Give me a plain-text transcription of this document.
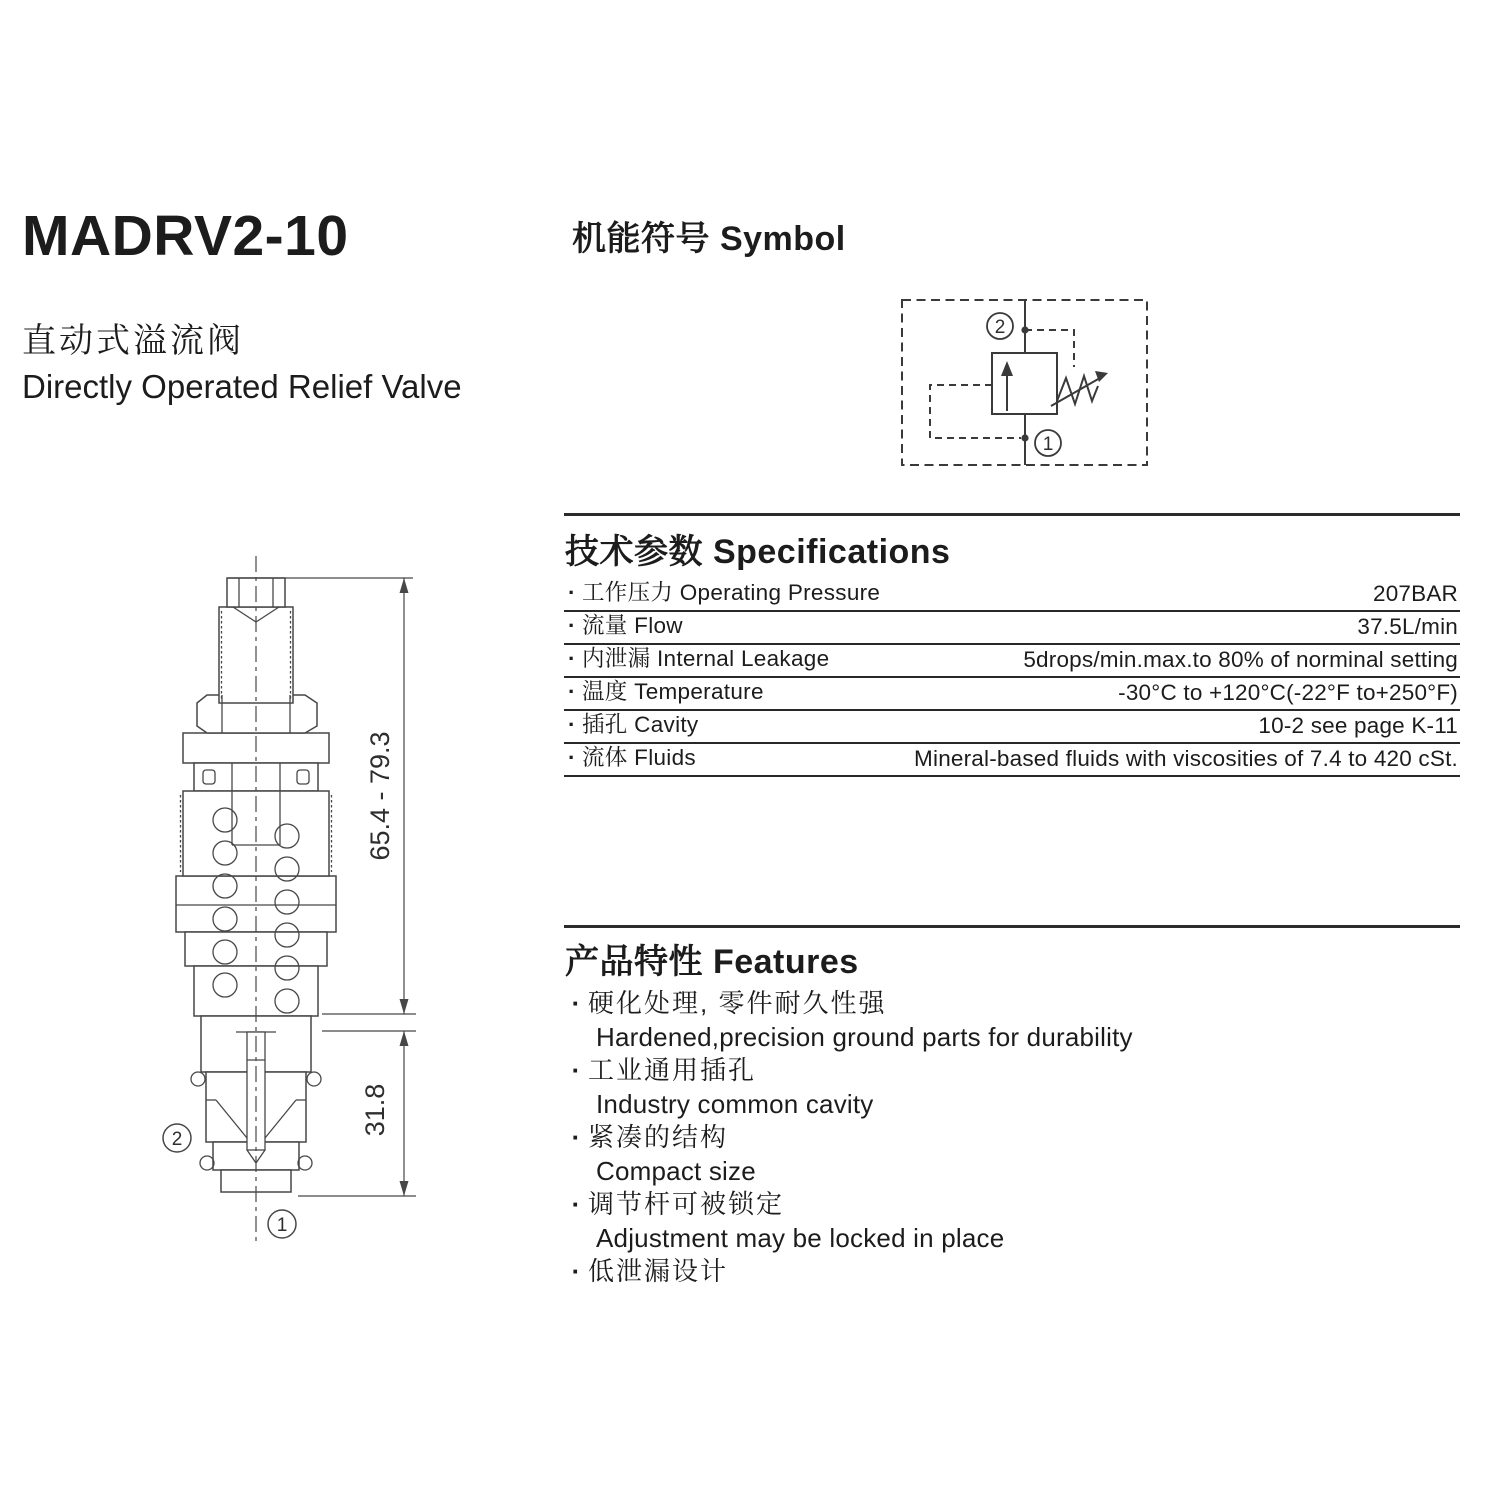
MADRV2-10
直动式溢流阀
Directly Operated Relief Valve
机能符号 Symbol
2
1
技术参数 Specifications
· 工作压力 Operating Pressure	207BAR
· 流量 Flow	37.5L/min
· 内泄漏 Internal Leakage	5drops/min.max.to 80% of norminal setting
· 温度 Temperature	-30°C to +120°C(-22°F to+250°F)
· 插孔 Cavity	10-2 see page K-11
· 流体 Fluids	Mineral-based fluids with viscosities of 7.4 to 420 cSt.
产品特性 Features
· 硬化处理, 零件耐久性强
Hardened,precision ground parts for durability
· 工业通用插孔
Industry common cavity
· 紧凑的结构
Compact size
· 调节杆可被锁定
Adjustment may be locked in place
· 低泄漏设计
65.4 - 79.3
31.8
2
1
